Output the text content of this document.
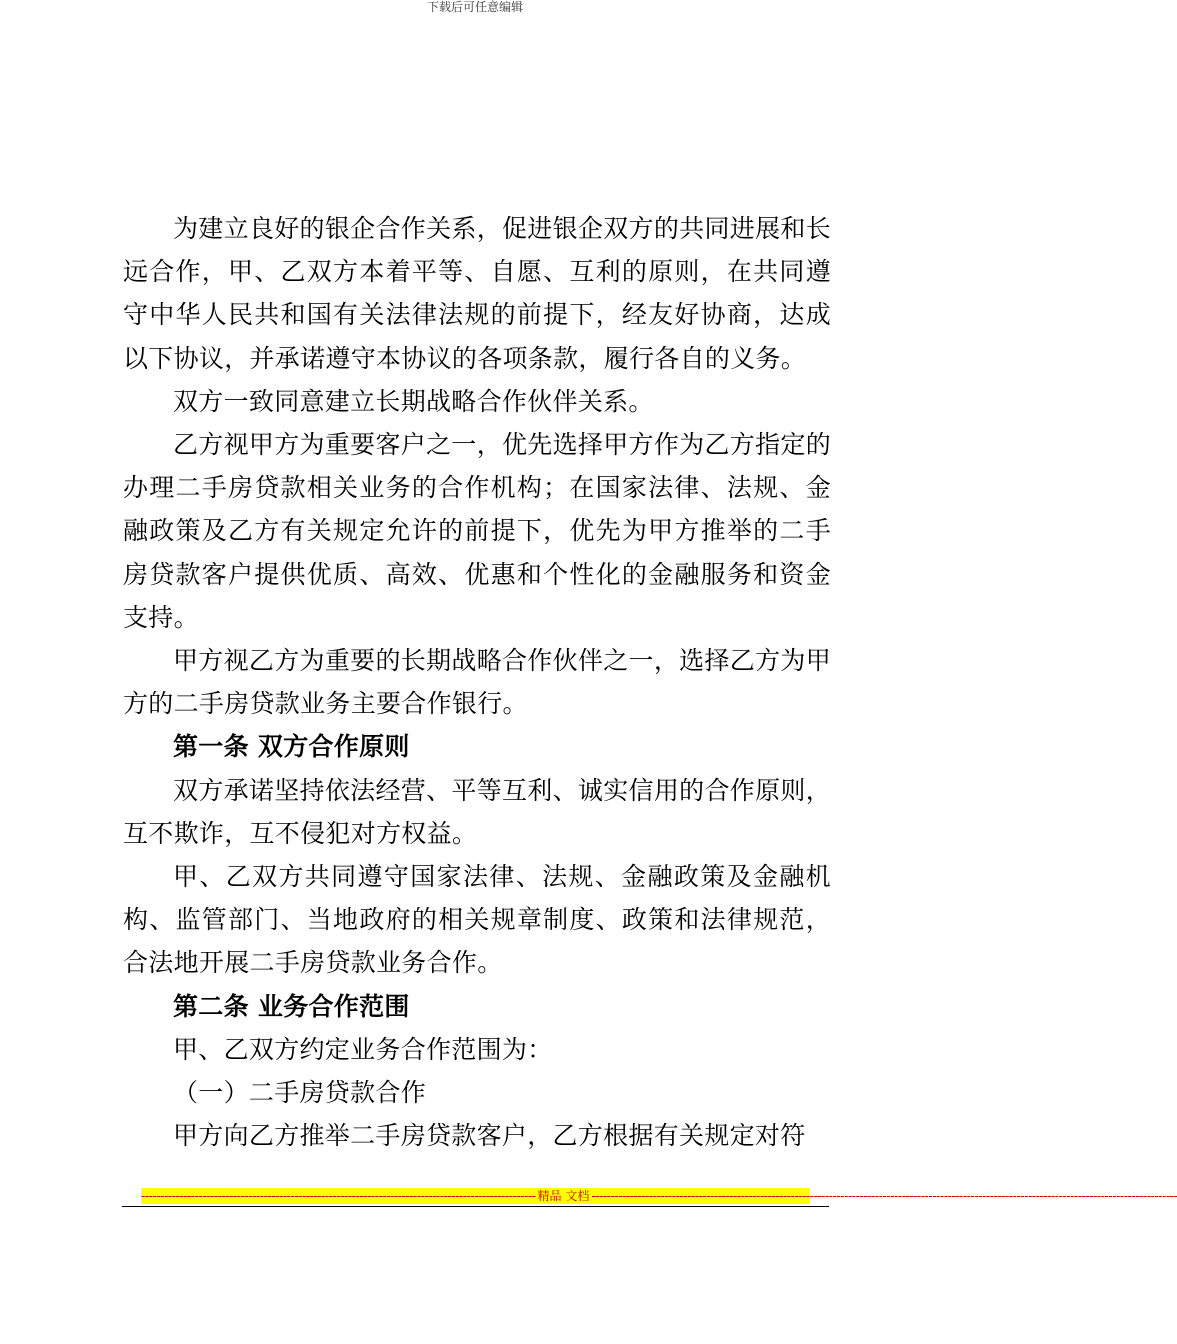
下载后可任意编辑

为建立良好的银企合作关系，促进银企双方的共同进展和长远合作，甲、乙双方本着平等、自愿、互利的原则，在共同遵守中华人民共和国有关法律法规的前提下，经友好协商，达成以下协议，并承诺遵守本协议的各项条款，履行各自的义务。

双方一致同意建立长期战略合作伙伴关系。

乙方视甲方为重要客户之一，优先选择甲方作为乙方指定的办理二手房贷款相关业务的合作机构；在国家法律、法规、金融政策及乙方有关规定允许的前提下，优先为甲方推举的二手房贷款客户提供优质、高效、优惠和个性化的金融服务和资金支持。

甲方视乙方为重要的长期战略合作伙伴之一，选择乙方为甲方的二手房贷款业务主要合作银行。

第一条 双方合作原则

双方承诺坚持依法经营、平等互利、诚实信用的合作原则，互不欺诈，互不侵犯对方权益。

甲、乙双方共同遵守国家法律、法规、金融政策及金融机构、监管部门、当地政府的相关规章制度、政策和法律规范，合法地开展二手房贷款业务合作。

第二条 业务合作范围

甲、乙双方约定业务合作范围为：

（一）二手房贷款合作

甲方向乙方推举二手房贷款客户，乙方根据有关规定对符

------------------------------------------------------------------------------------------------------- 精品 文档 ---------------------------------------------------------------------------------------------------------------------------------------------------------
